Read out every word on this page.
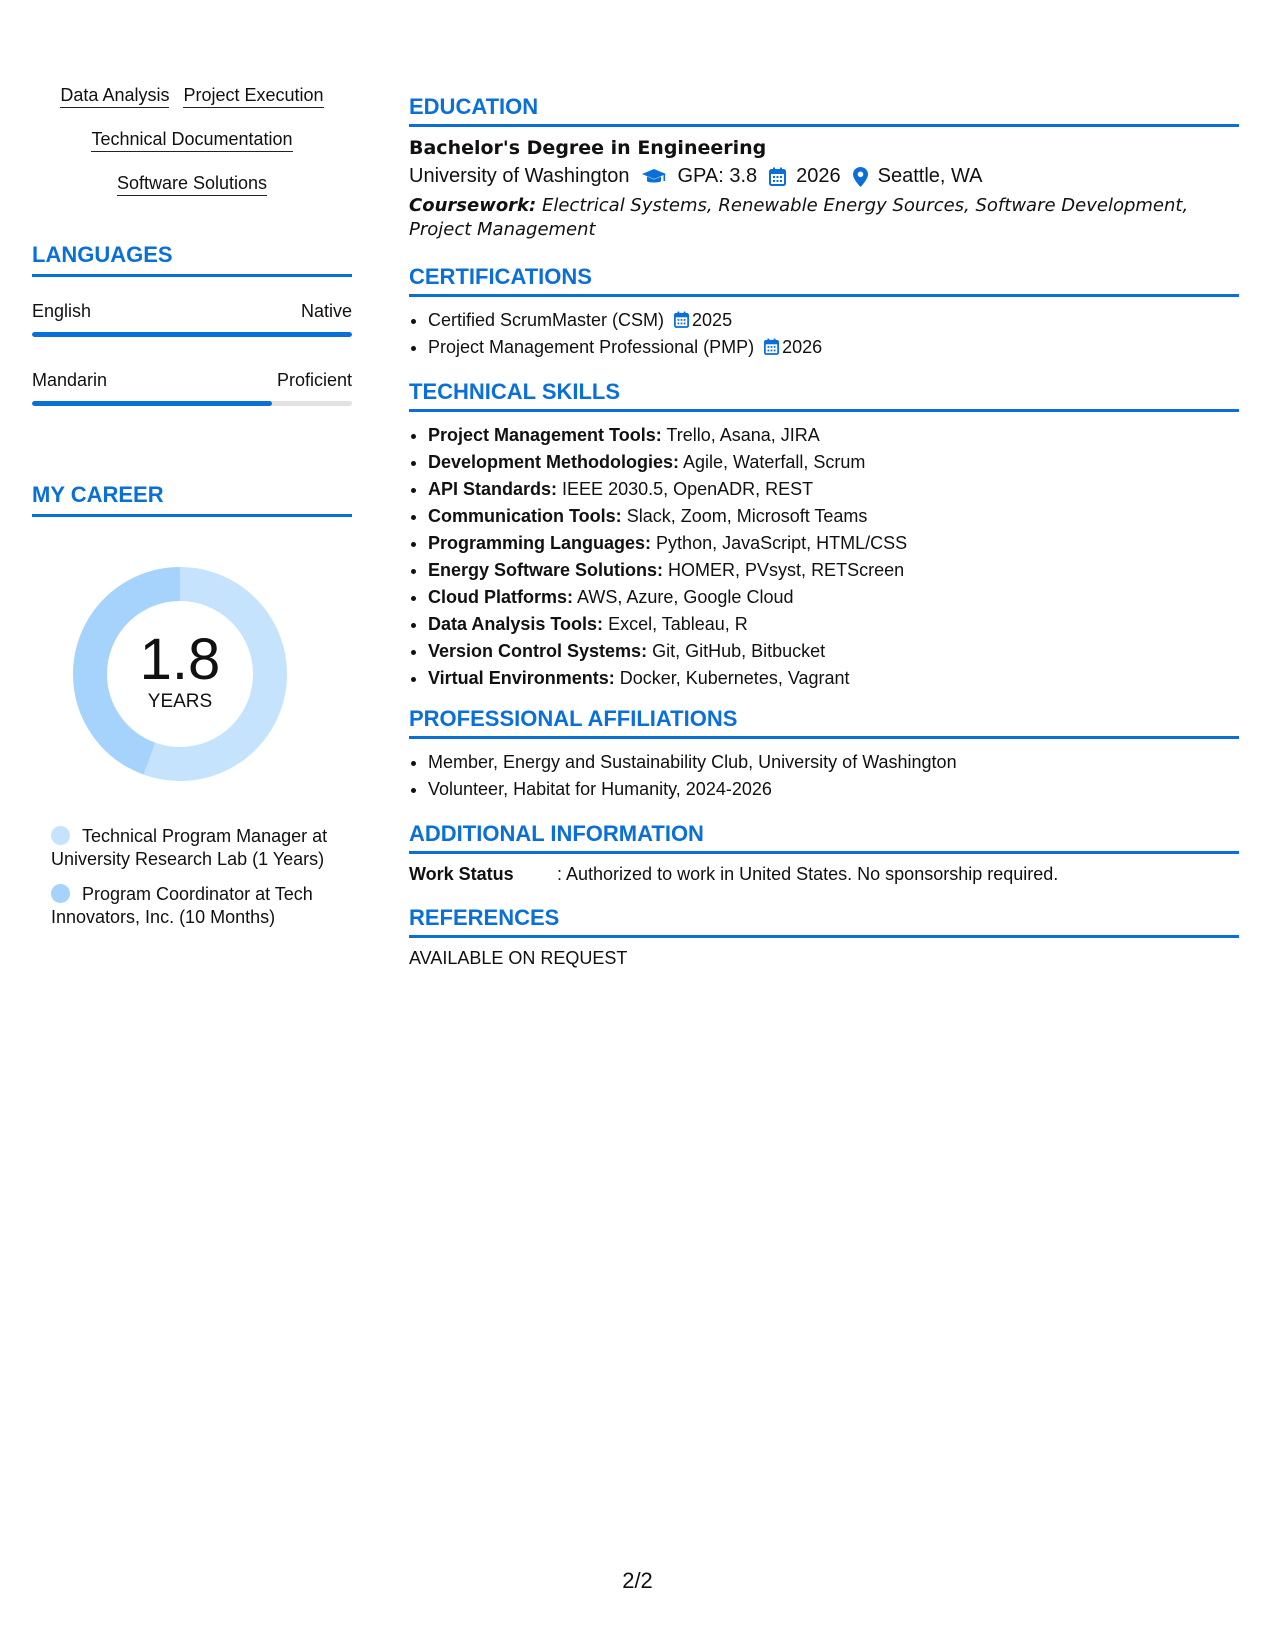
Data Analysis Project Execution
Technical Documentation
Software Solutions
LANGUAGES
English	Native
Mandarin	Proficient
MY CAREER
1.8
YEARS
Technical Program Manager at University Research Lab (1 Years)
Program Coordinator at Tech Innovators, Inc. (10 Months)
EDUCATION
Bachelor's Degree in Engineering
University of Washington GPA: 3.8 2026 Seattle, WA
Coursework: Electrical Systems, Renewable Energy Sources, Software Development, Project Management
CERTIFICATIONS
• Certified ScrumMaster (CSM) 2025
• Project Management Professional (PMP) 2026
TECHNICAL SKILLS
• Project Management Tools: Trello, Asana, JIRA
• Development Methodologies: Agile, Waterfall, Scrum
• API Standards: IEEE 2030.5, OpenADR, REST
• Communication Tools: Slack, Zoom, Microsoft Teams
• Programming Languages: Python, JavaScript, HTML/CSS
• Energy Software Solutions: HOMER, PVsyst, RETScreen
• Cloud Platforms: AWS, Azure, Google Cloud
• Data Analysis Tools: Excel, Tableau, R
• Version Control Systems: Git, GitHub, Bitbucket
• Virtual Environments: Docker, Kubernetes, Vagrant
PROFESSIONAL AFFILIATIONS
• Member, Energy and Sustainability Club, University of Washington
• Volunteer, Habitat for Humanity, 2024-2026
ADDITIONAL INFORMATION
Work Status	: Authorized to work in United States. No sponsorship required.
REFERENCES
AVAILABLE ON REQUEST
2/2
